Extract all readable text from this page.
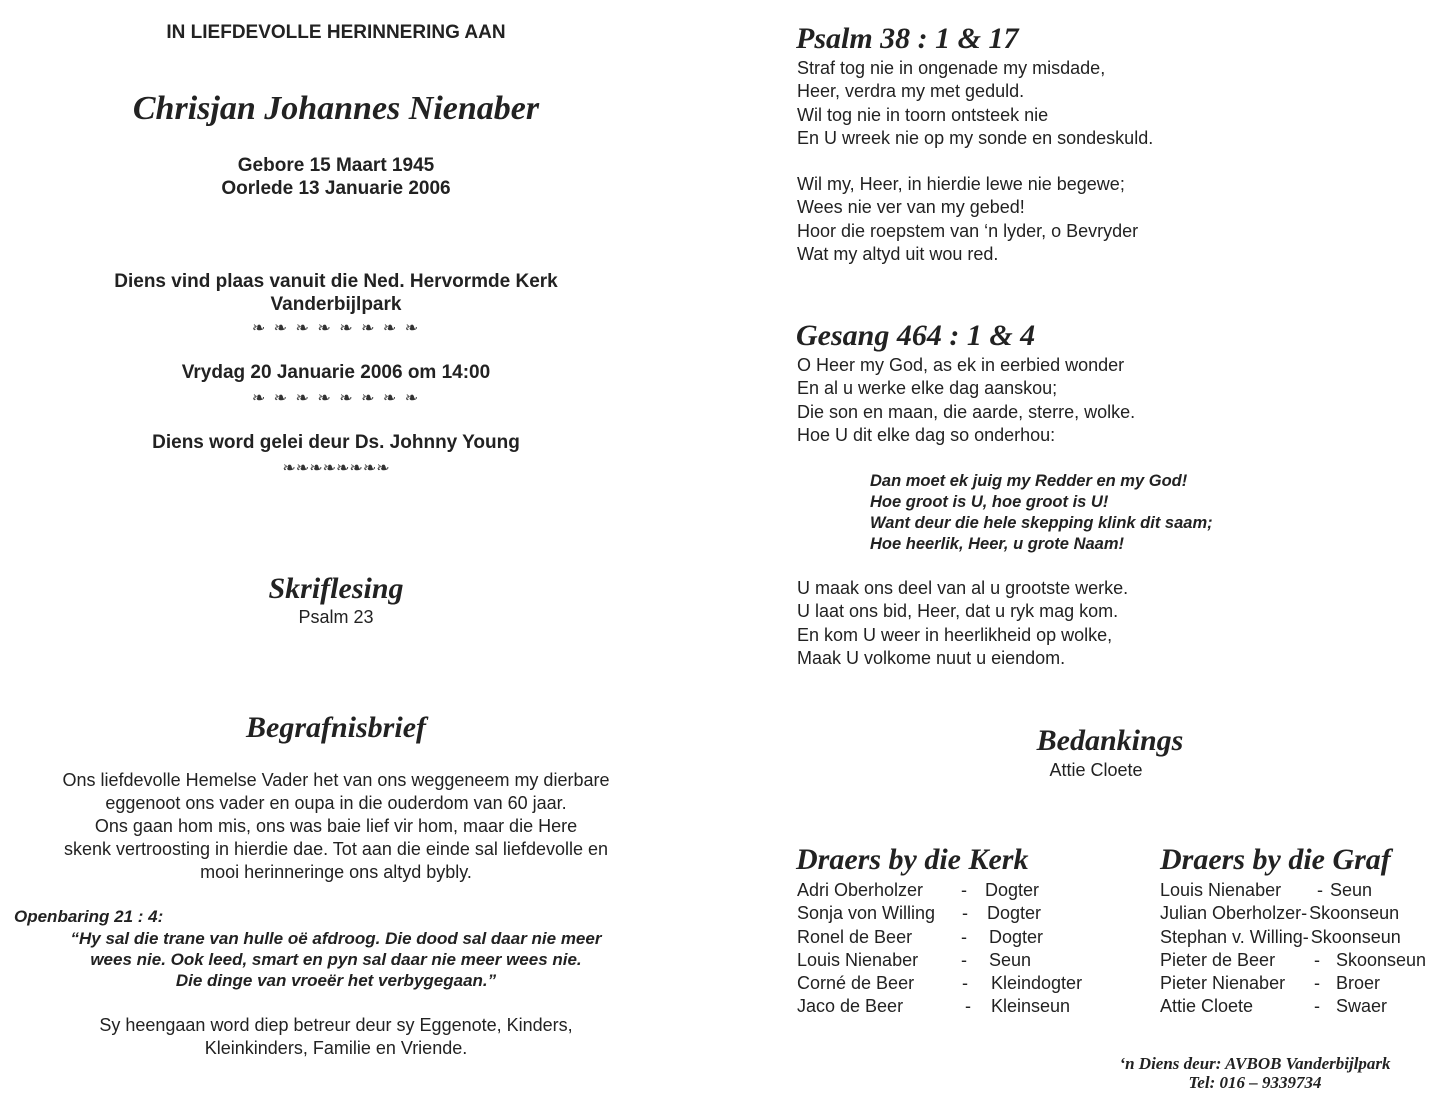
IN LIEFDEVOLLE HERINNERING AAN
Chrisjan Johannes Nienaber
Gebore 15 Maart 1945
Oorlede 13 Januarie 2006
Diens vind plaas vanuit die Ned. Hervormde Kerk
Vanderbijlpark
❧ ❧ ❧ ❧ ❧ ❧ ❧ ❧
Vrydag 20 Januarie 2006 om 14:00
❧ ❧ ❧ ❧ ❧ ❧ ❧ ❧
Diens word gelei deur Ds. Johnny Young
❧❧❧❧❧❧❧❧
Skriflesing
Psalm 23
Begrafnisbrief
Ons liefdevolle Hemelse Vader het van ons weggeneem my dierbare
eggenoot ons vader en oupa in die ouderdom van 60 jaar.
Ons gaan hom mis, ons was baie lief vir hom, maar die Here
skenk vertroosting in hierdie dae. Tot aan die einde sal liefdevolle en
mooi herinneringe ons altyd bybly.
Openbaring 21 : 4:
“Hy sal die trane van hulle oë afdroog. Die dood sal daar nie meer
wees nie. Ook leed, smart en pyn sal daar nie meer wees nie.
Die dinge van vroeër het verbygegaan.”
Sy heengaan word diep betreur deur sy Eggenote, Kinders,
Kleinkinders, Familie en Vriende.
Psalm 38 : 1 & 17
Straf tog nie in ongenade my misdade,
Heer, verdra my met geduld.
Wil tog nie in toorn ontsteek nie
En U wreek nie op my sonde en sondeskuld.
Wil my, Heer, in hierdie lewe nie begewe;
Wees nie ver van my gebed!
Hoor die roepstem van ‘n lyder, o Bevryder
Wat my altyd uit wou red.
Gesang 464 : 1 & 4
O Heer my God, as ek in eerbied wonder
En al u werke elke dag aanskou;
Die son en maan, die aarde, sterre, wolke.
Hoe U dit elke dag so onderhou:
Dan moet ek juig my Redder en my God!
Hoe groot is U, hoe groot is U!
Want deur die hele skepping klink dit saam;
Hoe heerlik, Heer, u grote Naam!
U maak ons deel van al u grootste werke.
U laat ons bid, Heer, dat u ryk mag kom.
En kom U weer in heerlikheid op wolke,
Maak U volkome nuut u eiendom.
Bedankings
Attie Cloete
Draers by die Kerk
Adri Oberholzer - Dogter
Sonja von Willing - Dogter
Ronel de Beer	- Dogter
Louis Nienaber - Seun
Corné de Beer	- Kleindogter
Jaco de Beer	- Kleinseun
Draers by die Graf
Louis Nienaber - Seun
Julian Oberholzer- Skoonseun
Stephan v. Willing- Skoonseun
Pieter de Beer - Skoonseun
Pieter Nienaber - Broer
Attie Cloete	- Swaer
‘n Diens deur: AVBOB Vanderbijlpark
Tel: 016 – 9339734
